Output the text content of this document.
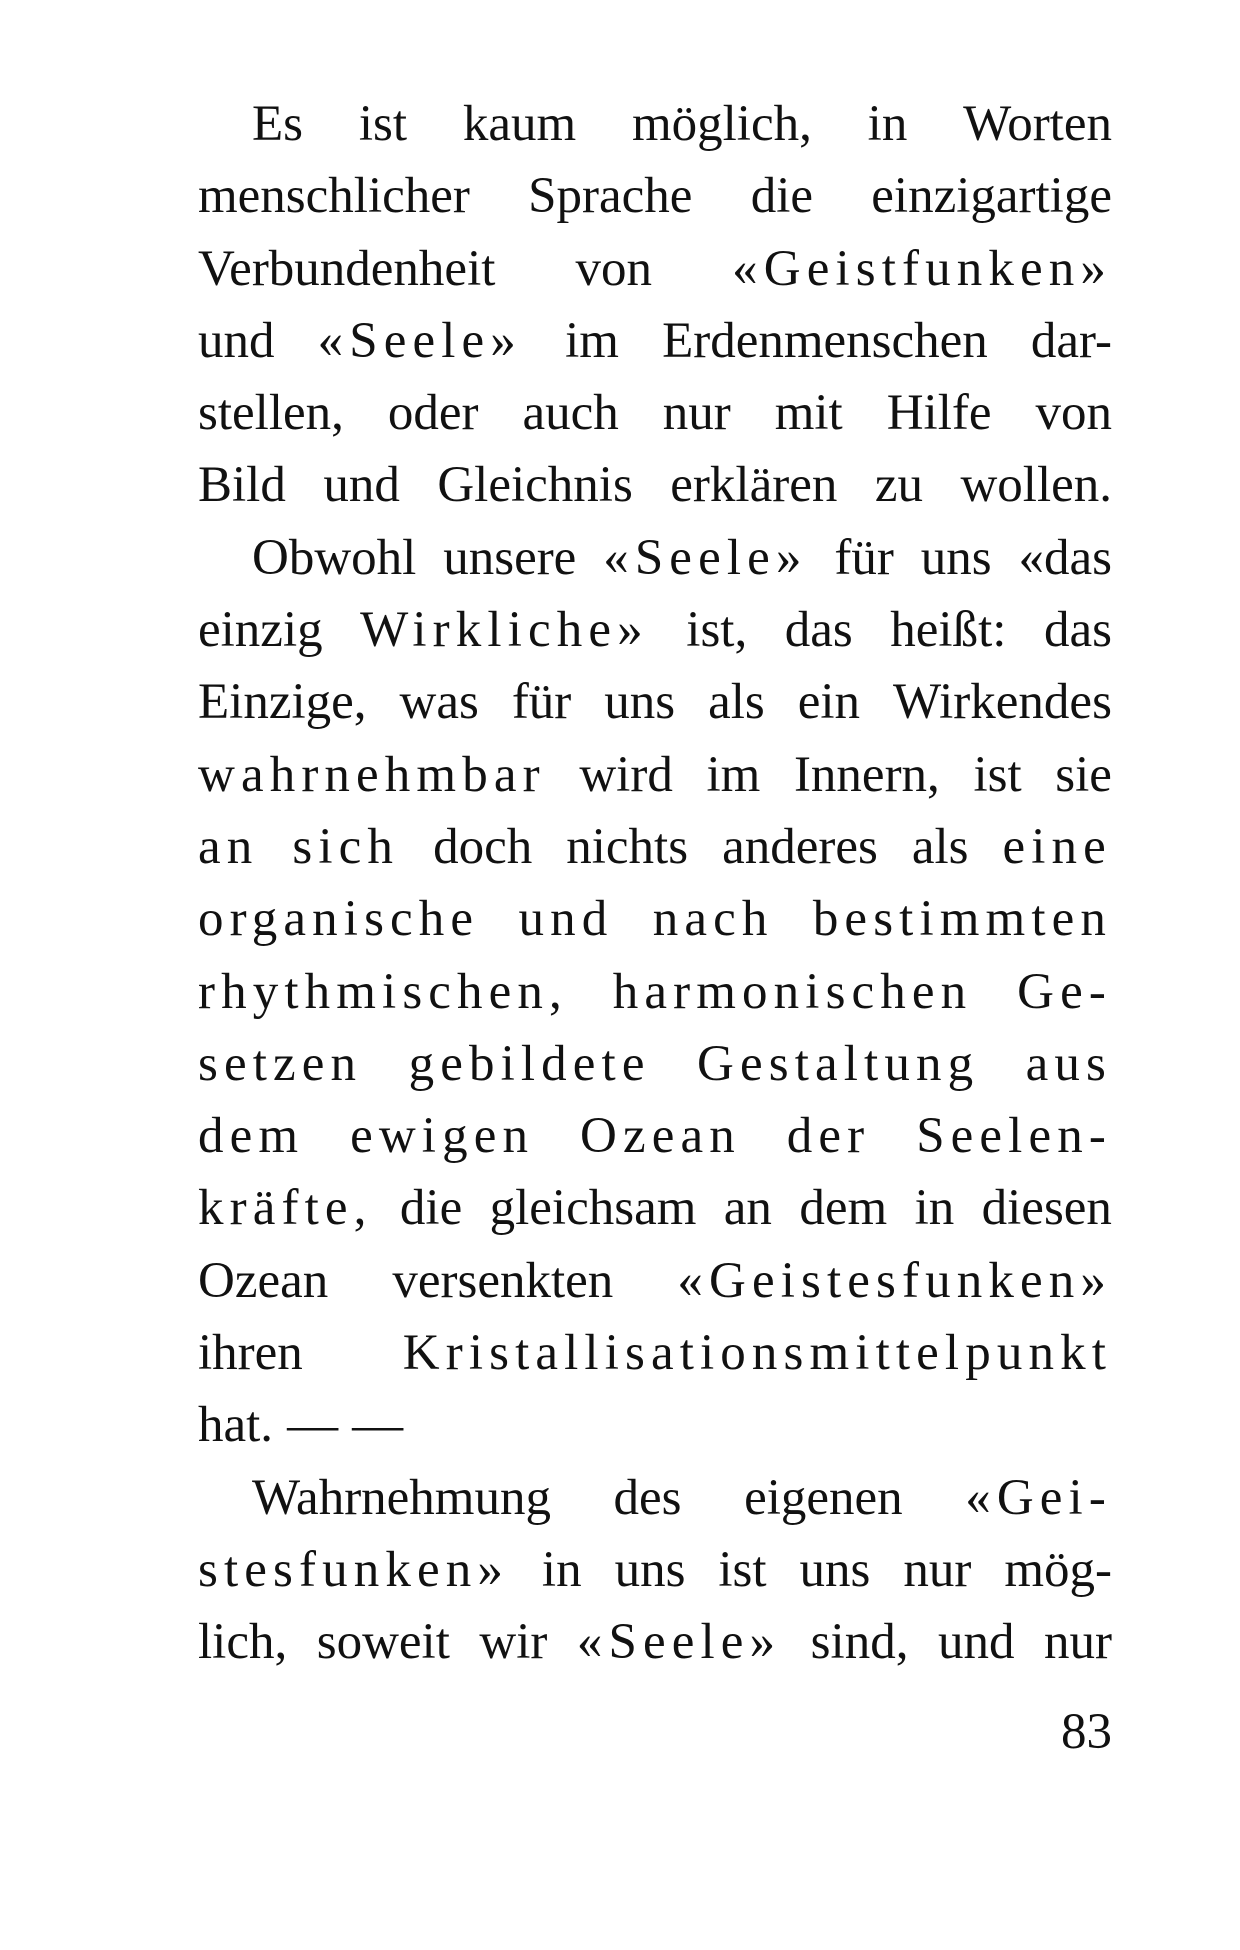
Es ist kaum möglich, in Worten
menschlicher Sprache die einzigartige
Verbundenheit von «Geistfunken»
und «Seele» im Erdenmenschen dar-
stellen, oder auch nur mit Hilfe von
Bild und Gleichnis erklären zu wollen.
Obwohl unsere «Seele» für uns «das
einzig Wirkliche» ist, das heißt: das
Einzige, was für uns als ein Wirkendes
wahrnehmbar wird im Innern, ist sie
an sich doch nichts anderes als eine
organische und nach bestimmten
rhythmischen, harmonischen Ge-
setzen gebildete Gestaltung aus
dem ewigen Ozean der Seelen-
kräfte, die gleichsam an dem in diesen
Ozean versenkten «Geistesfunken»
ihren Kristallisationsmittelpunkt
hat. — —
Wahrnehmung des eigenen «Gei-
stesfunken» in uns ist uns nur mög-
lich, soweit wir «Seele» sind, und nur
83
